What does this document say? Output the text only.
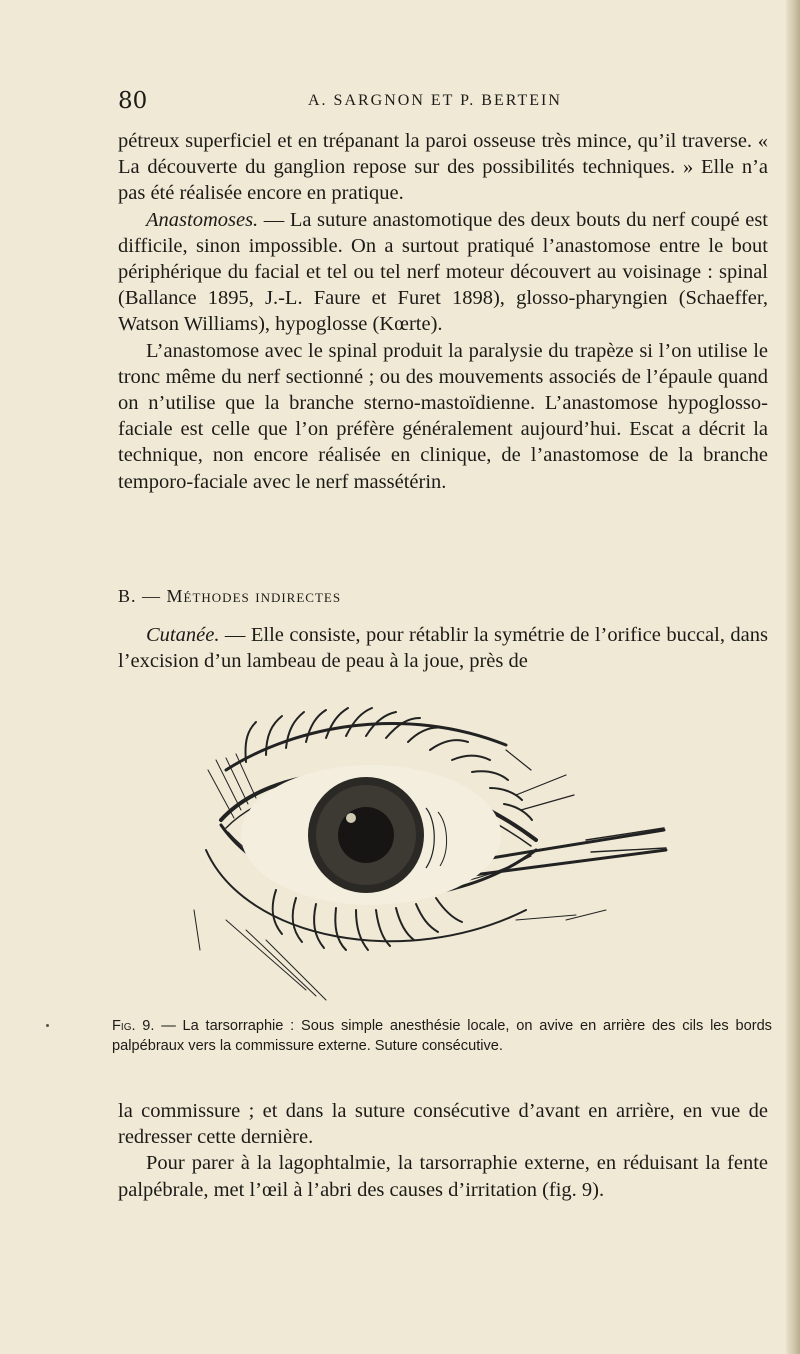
80	A. SARGNON ET P. BERTEIN

pétreux superficiel et en trépanant la paroi osseuse très mince, qu’il traverse. « La découverte du ganglion repose sur des possibilités techniques. » Elle n’a pas été réalisée encore en pratique.

Anastomoses. — La suture anastomotique des deux bouts du nerf coupé est difficile, sinon impossible. On a surtout pratiqué l’anastomose entre le bout périphérique du facial et tel ou tel nerf moteur découvert au voisinage : spinal (Ballance 1895, J.-L. Faure et Furet 1898), glosso-pharyngien (Schaeffer, Watson Williams), hypoglosse (Kœrte).

L’anastomose avec le spinal produit la paralysie du trapèze si l’on utilise le tronc même du nerf sectionné ; ou des mouvements associés de l’épaule quand on n’utilise que la branche sterno-mastoïdienne. L’anastomose hypoglosso-faciale est celle que l’on préfère généralement aujourd’hui. Escat a décrit la technique, non encore réalisée en clinique, de l’anastomose de la branche temporo-faciale avec le nerf massétérin.

B. — Méthodes indirectes

Cutanée. — Elle consiste, pour rétablir la symétrie de l’orifice buccal, dans l’excision d’un lambeau de peau à la joue, près de

Fig. 9. — La tarsorraphie : Sous simple anesthésie locale, on avive en arrière des cils les bords palpébraux vers la commissure externe. Suture consécutive.

la commissure ; et dans la suture consécutive d’avant en arrière, en vue de redresser cette dernière.

Pour parer à la lagophtalmie, la tarsorraphie externe, en réduisant la fente palpébrale, met l’œil à l’abri des causes d’irritation (fig. 9).
